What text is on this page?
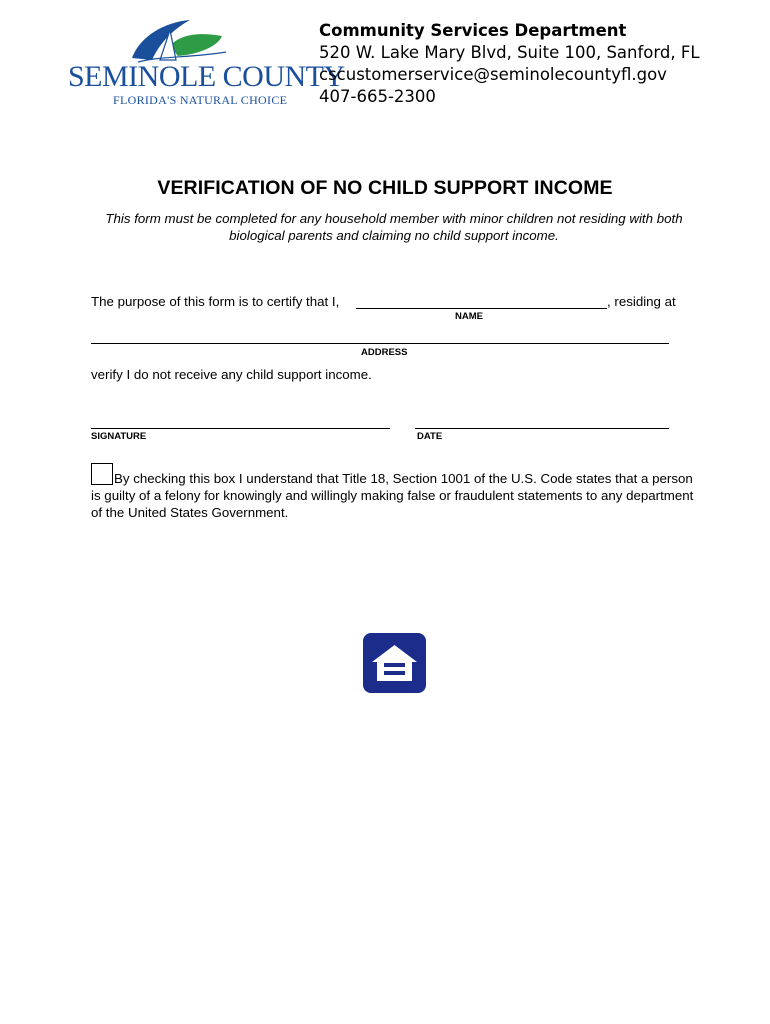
SEMINOLE COUNTY
FLORIDA'S NATURAL CHOICE
Community Services Department
520 W. Lake Mary Blvd, Suite 100, Sanford, FL
cscustomerservice@seminolecountyfl.gov
407-665-2300
VERIFICATION OF NO CHILD SUPPORT INCOME
This form must be completed for any household member with minor children not residing with both biological parents and claiming no child support income.
The purpose of this form is to certify that I,	, residing at
NAME
ADDRESS
verify I do not receive any child support income.
SIGNATURE	DATE
By checking this box I understand that Title 18, Section 1001 of the U.S. Code states that a person is guilty of a felony for knowingly and willingly making false or fraudulent statements to any department of the United States Government.
